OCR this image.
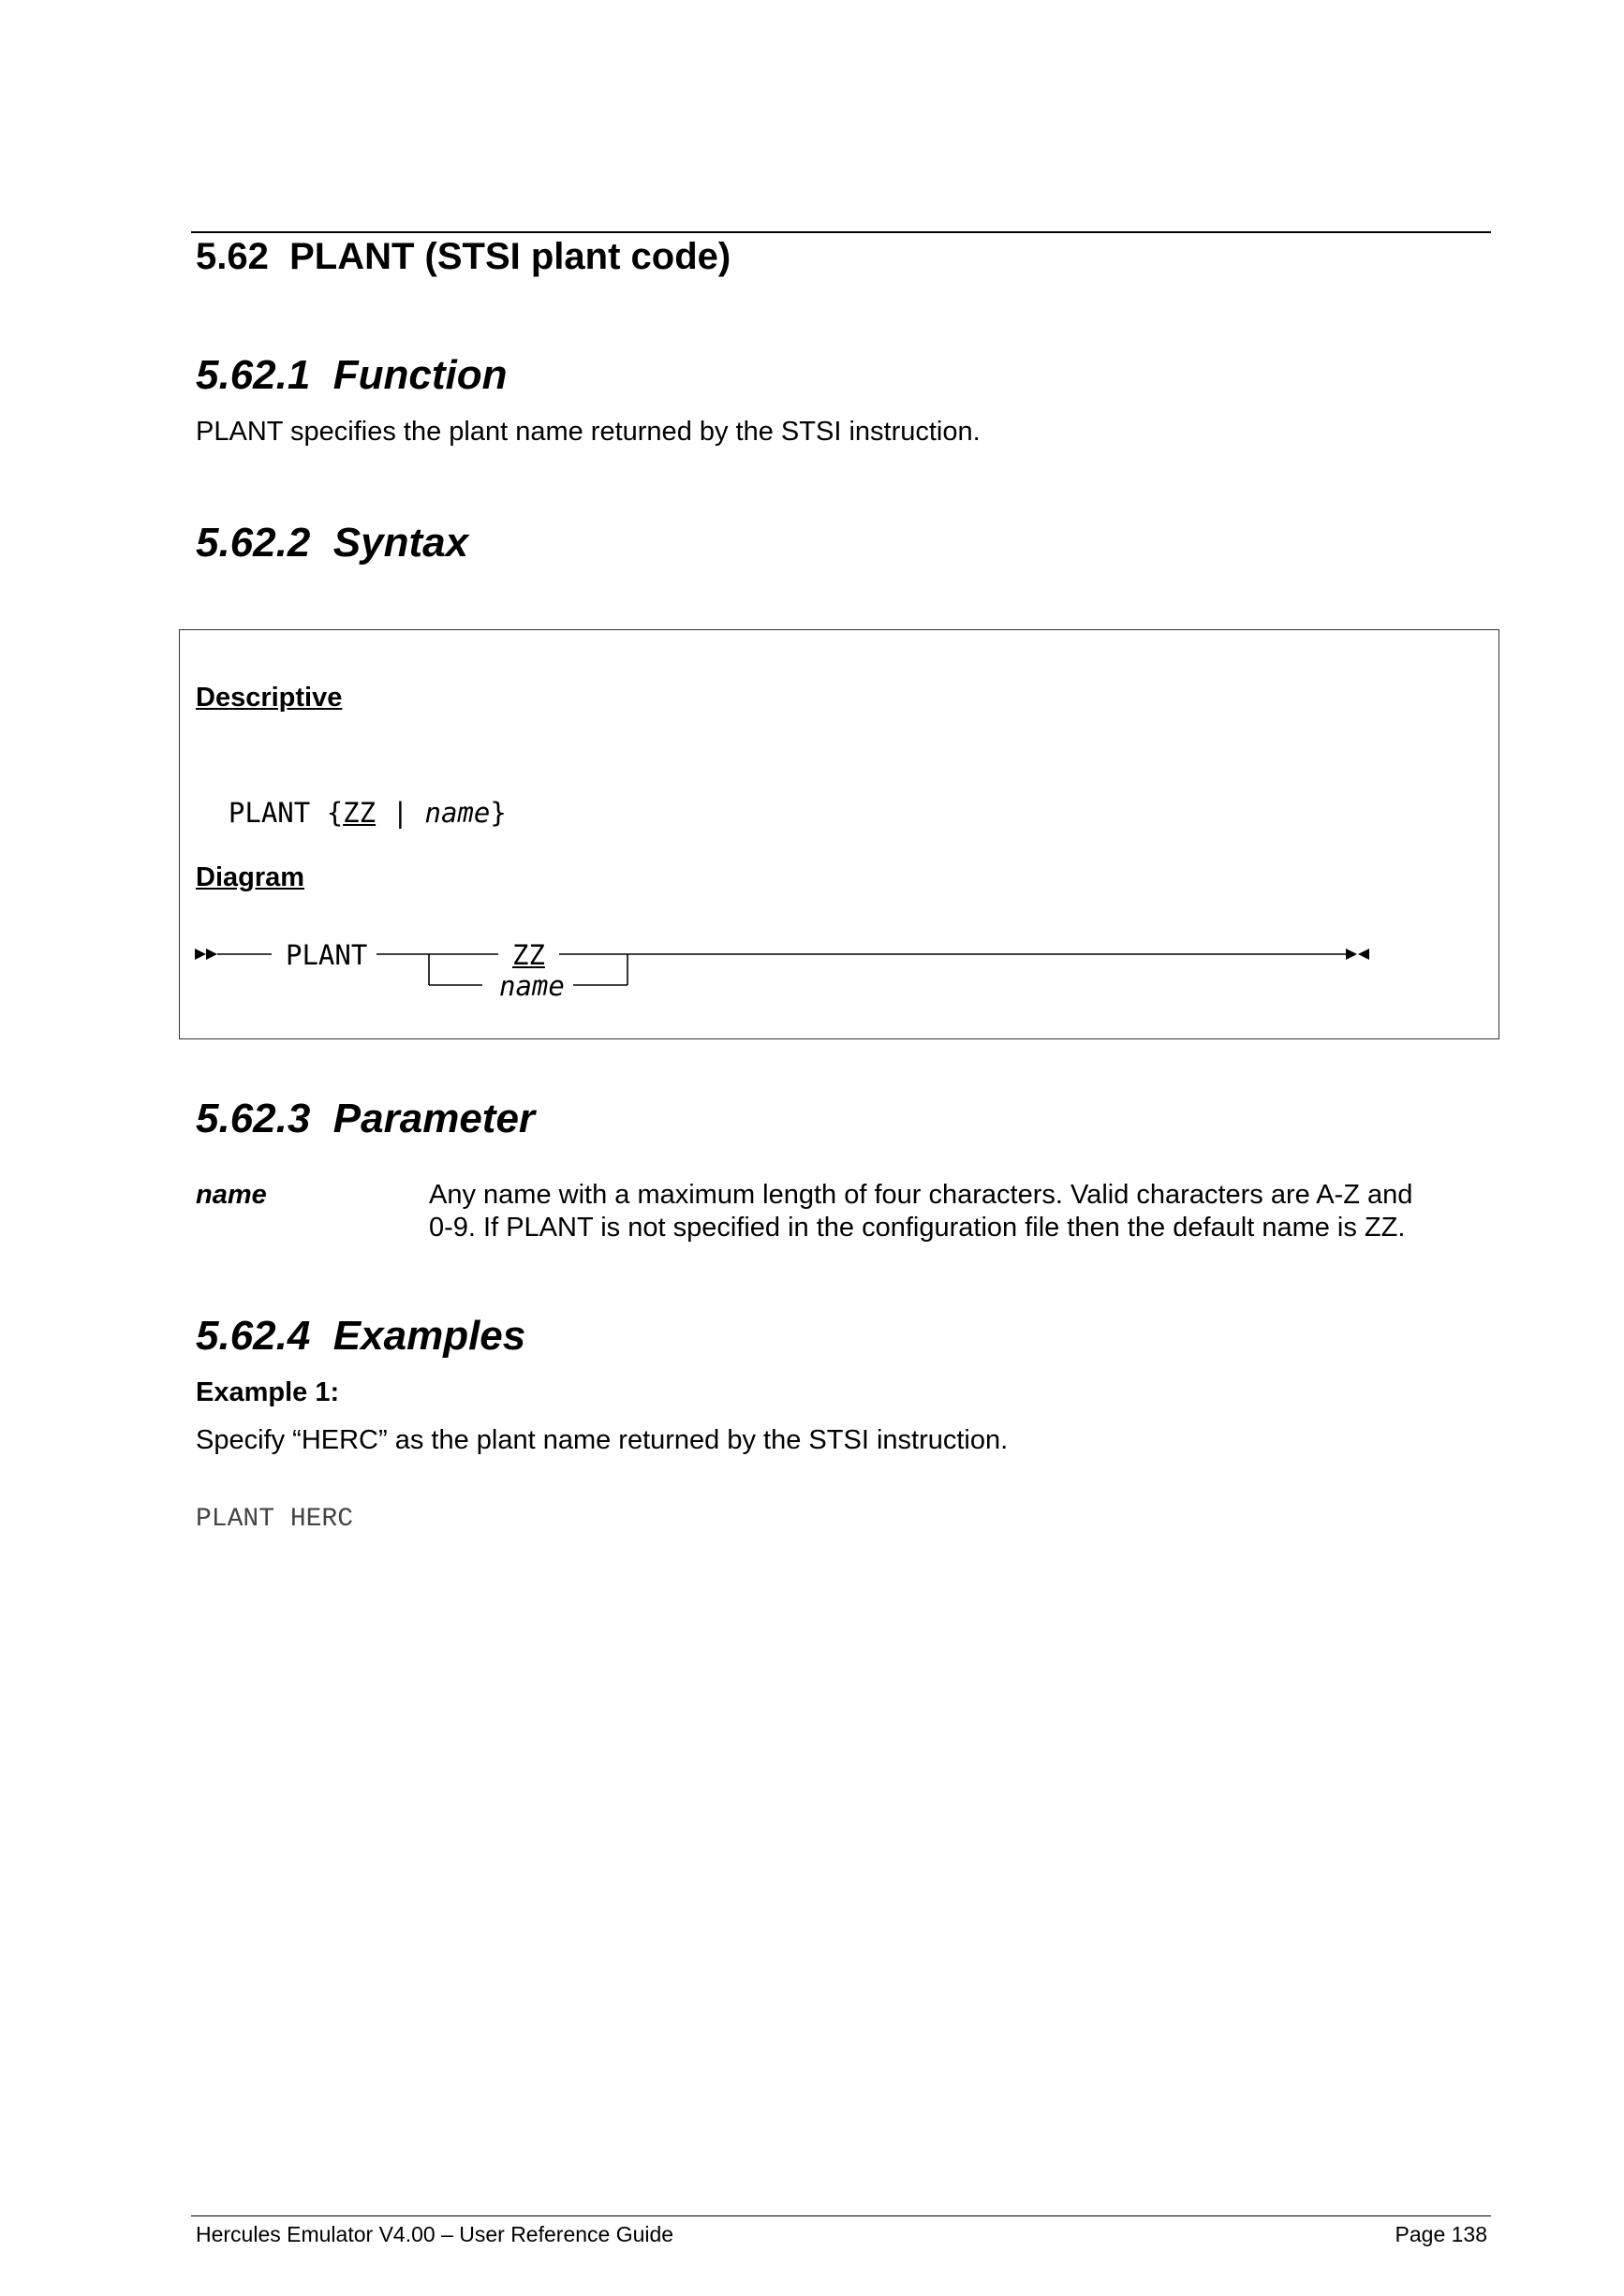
5.62 PLANT (STSI plant code)
5.62.1 Function
PLANT specifies the plant name returned by the STSI instruction.
5.62.2 Syntax
Descriptive

PLANT {ZZ | name}

Diagram
PLANT	ZZ
name
5.62.3 Parameter
name	Any name with a maximum length of four characters. Valid characters are A-Z and
0-9. If PLANT is not specified in the configuration file then the default name is ZZ.
5.62.4 Examples
Example 1:
Specify “HERC” as the plant name returned by the STSI instruction.
PLANT HERC
Hercules Emulator V4.00 – User Reference Guide	Page 138
